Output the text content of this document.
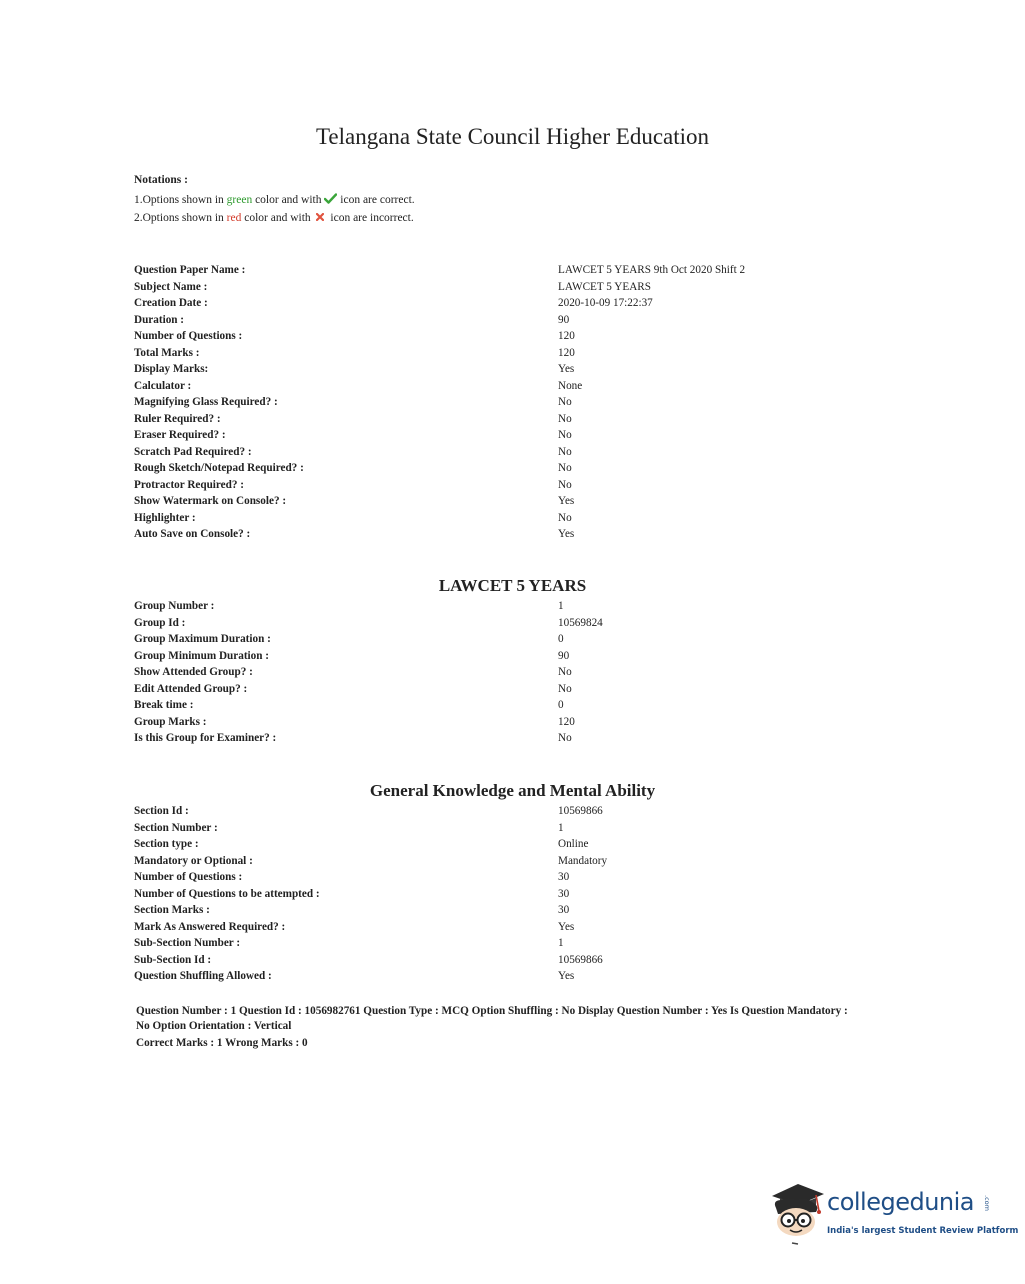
Telangana State Council Higher Education
Notations :
1.Options shown in green color and with  icon are correct.
2.Options shown in red color and with  icon are incorrect.
Question Paper Name :	LAWCET 5 YEARS 9th Oct 2020 Shift 2
Subject Name :	LAWCET 5 YEARS
Creation Date :	2020-10-09 17:22:37
Duration :	90
Number of Questions :	120
Total Marks :	120
Display Marks:	Yes
Calculator :	None
Magnifying Glass Required? :	No
Ruler Required? :	No
Eraser Required? :	No
Scratch Pad Required? :	No
Rough Sketch/Notepad Required? :	No
Protractor Required? :	No
Show Watermark on Console? :	Yes
Highlighter :	No
Auto Save on Console? :	Yes
LAWCET 5 YEARS
Group Number :	1
Group Id :	10569824
Group Maximum Duration :	0
Group Minimum Duration :	90
Show Attended Group? :	No
Edit Attended Group? :	No
Break time :	0
Group Marks :	120
Is this Group for Examiner? :	No
General Knowledge and Mental Ability
Section Id :	10569866
Section Number :	1
Section type :	Online
Mandatory or Optional :	Mandatory
Number of Questions :	30
Number of Questions to be attempted :	30
Section Marks :	30
Mark As Answered Required? :	Yes
Sub-Section Number :	1
Sub-Section Id :	10569866
Question Shuffling Allowed :	Yes
Question Number : 1 Question Id : 1056982761 Question Type : MCQ Option Shuffling : No Display Question Number : Yes Is Question Mandatory :
No Option Orientation : Vertical
Correct Marks : 1 Wrong Marks : 0
collegedunia .com
India's largest Student Review Platform
